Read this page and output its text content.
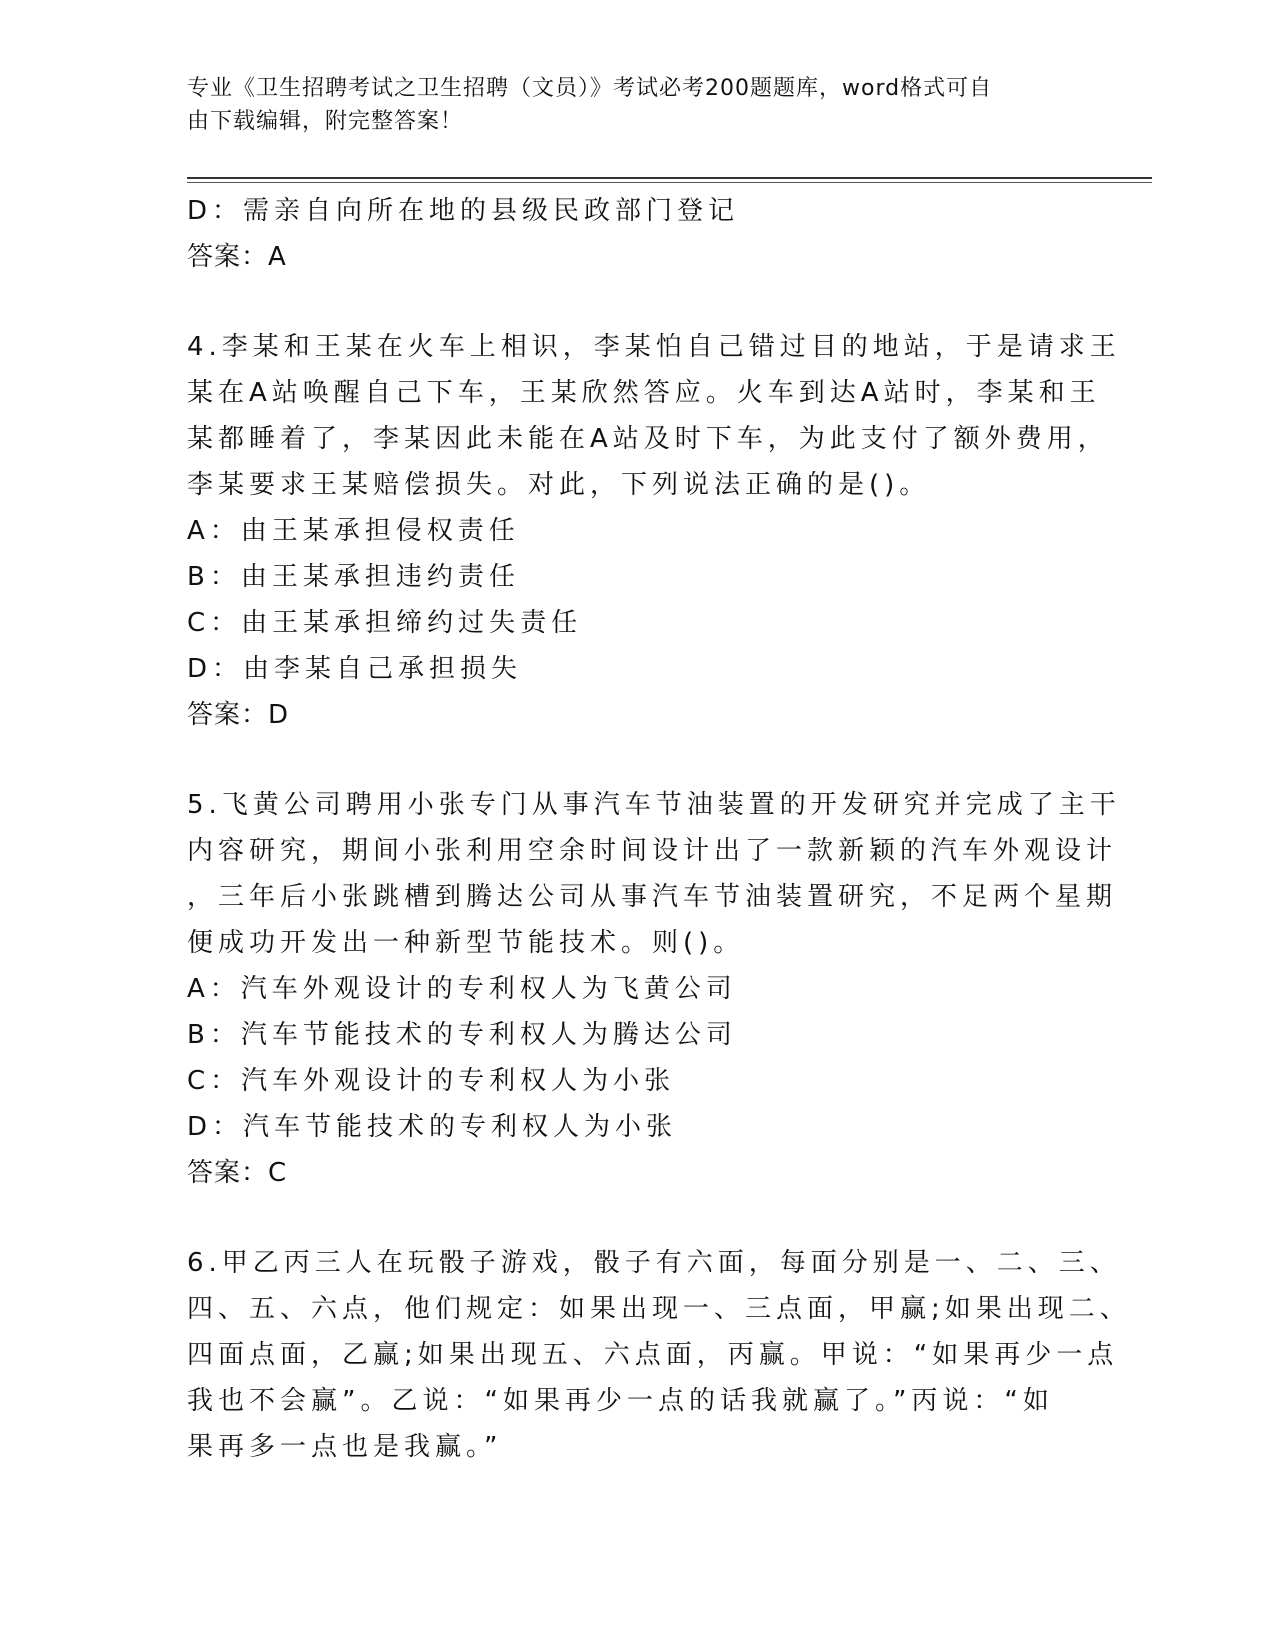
专业《卫生招聘考试之卫生招聘（文员）》考试必考200题题库，word格式可自
由下载编辑，附完整答案！
D：需亲自向所在地的县级民政部门登记
答案：A
4.李某和王某在火车上相识，李某怕自己错过目的地站，于是请求王
某在A站唤醒自己下车，王某欣然答应。火车到达A站时，李某和王
某都睡着了，李某因此未能在A站及时下车，为此支付了额外费用，
李某要求王某赔偿损失。对此，下列说法正确的是()。
A：由王某承担侵权责任
B：由王某承担违约责任
C：由王某承担缔约过失责任
D：由李某自己承担损失
答案：D
5.飞黄公司聘用小张专门从事汽车节油装置的开发研究并完成了主干
内容研究，期间小张利用空余时间设计出了一款新颖的汽车外观设计
，三年后小张跳槽到腾达公司从事汽车节油装置研究，不足两个星期
便成功开发出一种新型节能技术。则()。
A：汽车外观设计的专利权人为飞黄公司
B：汽车节能技术的专利权人为腾达公司
C：汽车外观设计的专利权人为小张
D：汽车节能技术的专利权人为小张
答案：C
6.甲乙丙三人在玩骰子游戏，骰子有六面，每面分别是一、二、三、
四、五、六点，他们规定：如果出现一、三点面，甲赢;如果出现二、
四面点面，乙赢;如果出现五、六点面，丙赢。甲说：“如果再少一点
我也不会赢”。乙说：“如果再少一点的话我就赢了。”丙说：“如
果再多一点也是我赢。”
